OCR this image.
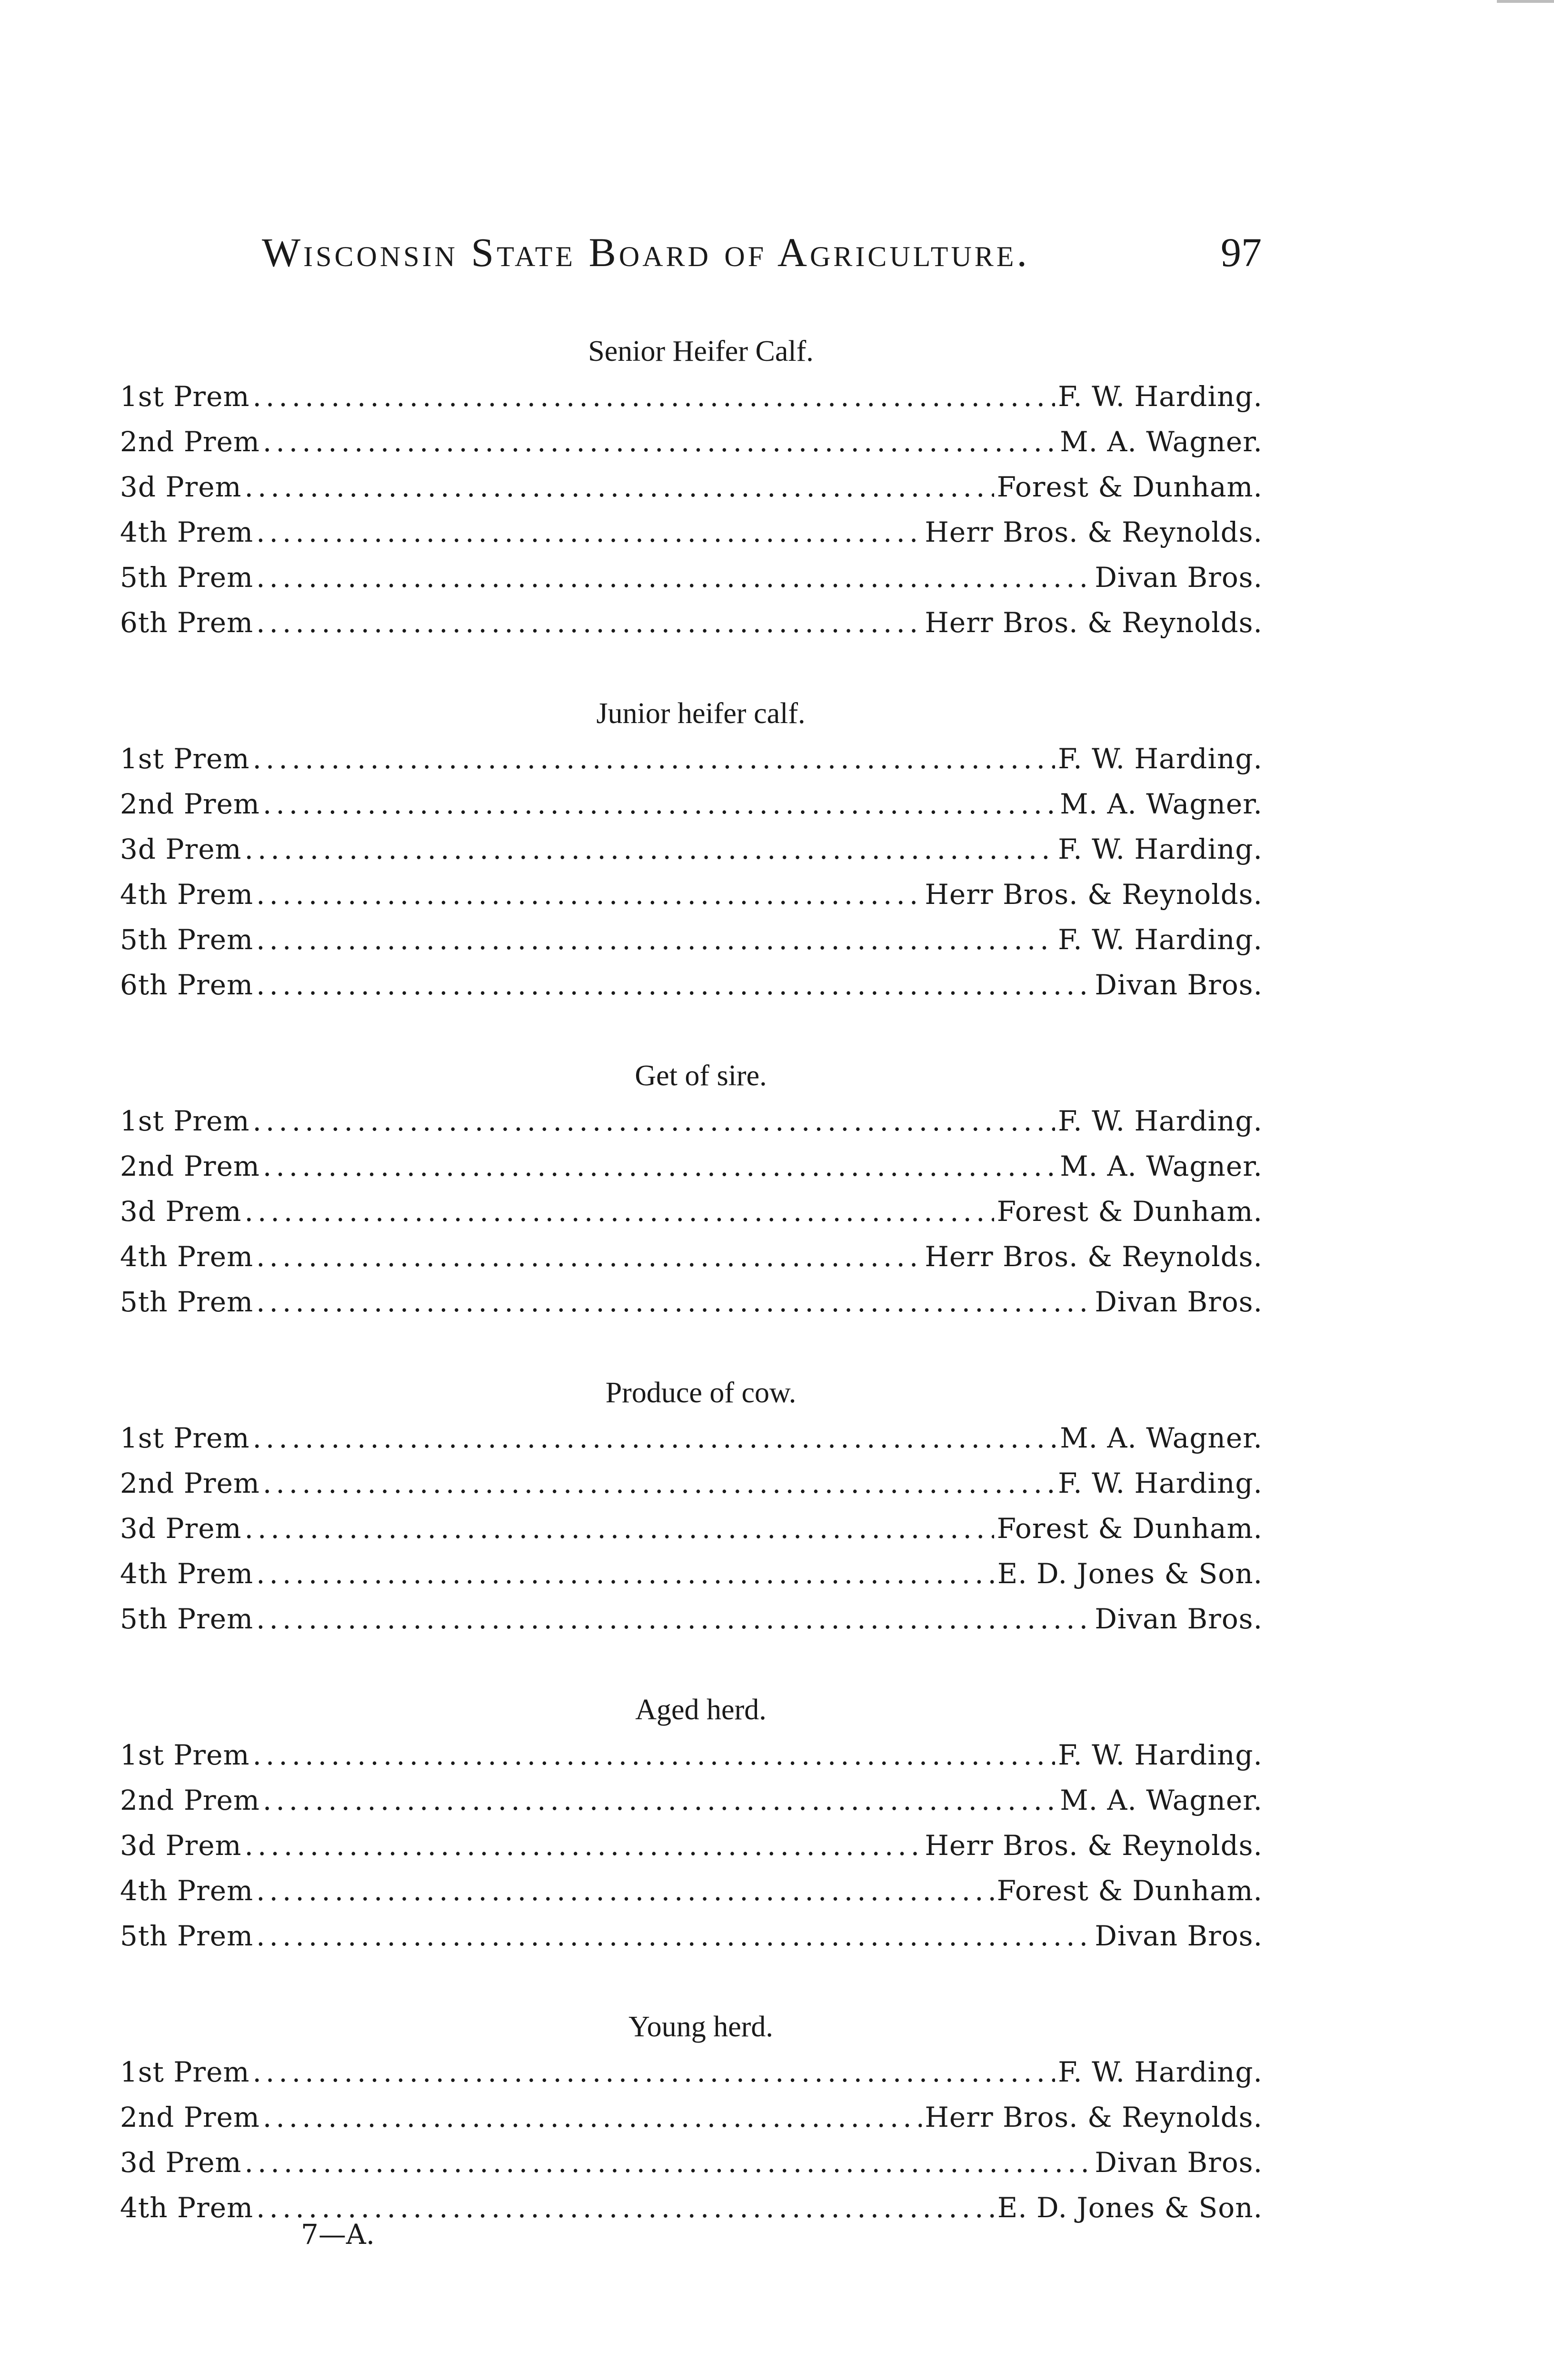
Wisconsin State Board of Agriculture.	97
Senior Heifer Calf.
1st Prem .....	F. W. Harding.
2nd Prem .....	M. A. Wagner.
3d Prem .....	Forest & Dunham.
4th Prem .....	Herr Bros. & Reynolds.
5th Prem .....	Divan Bros.
6th Prem .....	Herr Bros. & Reynolds.
Junior heifer calf.
1st Prem .....	F. W. Harding.
2nd Prem .....	M. A. Wagner.
3d Prem .....	F. W. Harding.
4th Prem .....	Herr Bros. & Reynolds.
5th Prem .....	F. W. Harding.
6th Prem .....	Divan Bros.
Get of sire.
1st Prem .....	F. W. Harding.
2nd Prem .....	M. A. Wagner.
3d Prem .....	Forest & Dunham.
4th Prem .....	Herr Bros. & Reynolds.
5th Prem .....	Divan Bros.
Produce of cow.
1st Prem .....	M. A. Wagner.
2nd Prem .....	F. W. Harding.
3d Prem .....	Forest & Dunham.
4th Prem .....	E. D. Jones & Son.
5th Prem .....	Divan Bros.
Aged herd.
1st Prem .....	F. W. Harding.
2nd Prem .....	M. A. Wagner.
3d Prem .....	Herr Bros. & Reynolds.
4th Prem .....	Forest & Dunham.
5th Prem .....	Divan Bros.
Young herd.
1st Prem .....	F. W. Harding.
2nd Prem .....	Herr Bros. & Reynolds.
3d Prem .....	Divan Bros.
4th Prem .....	E. D. Jones & Son.
7—A.
